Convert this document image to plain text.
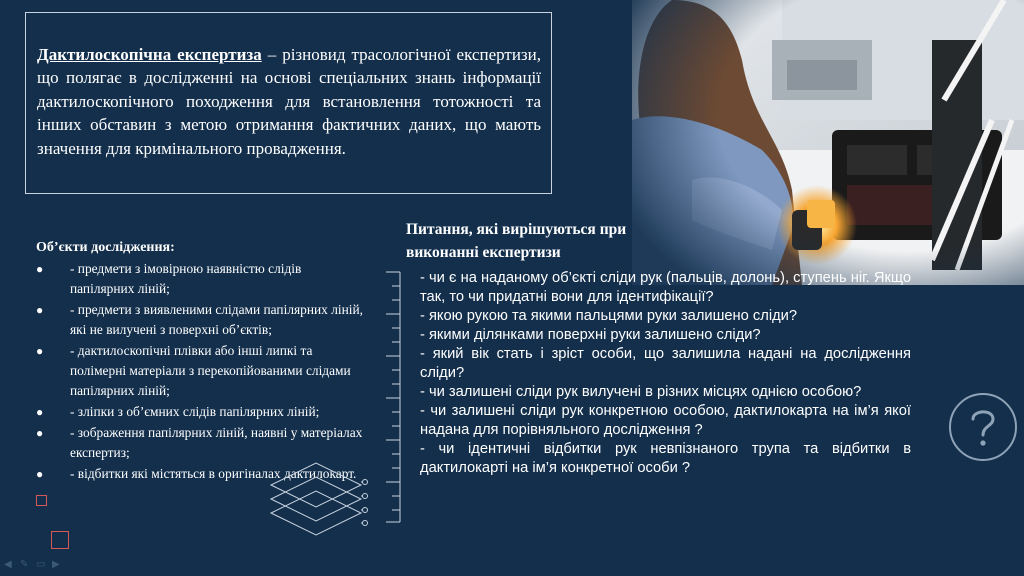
Дактилоскопічна експертиза – різновид трасологічної експертизи, що полягає в дослідженні на основі спеціальних знань інформації дактилоскопічного походження для встановлення тотожності та інших обставин з метою отримання фактичних даних, що мають значення для кримінального провадження.

Об’єкти дослідження:

● - предмети з імовірною наявністю слідів папілярних ліній;
● - предмети з виявленими слідами папілярних ліній, які не вилучені з поверхні об’єктів;
● - дактилоскопічні плівки або інші липкі та полімерні матеріали з перекопійованими слідами папілярних ліній;
● - зліпки з об’ємних слідів папілярних ліній;
● - зображення папілярних ліній, наявні у матеріалах експертиз;
● - відбитки які містяться в оригіналах дактилокарт.

Питання, які вирішуються при виконанні експертизи

- чи є на наданому об’єкті сліди рук (пальців, долонь), ступень ніг. Якщо так, то чи придатні вони для ідентифікації?
- якою рукою та якими пальцями руки залишено сліди?
- якими ділянками поверхні руки залишено сліди?
- який вік стать і зріст особи, що залишила надані на дослідження сліди?
- чи залишені сліди рук вилучені в різних місцях однією особою?
- чи залишені сліди рук конкретною особою, дактилокарта на ім’я якої надана для порівняльного дослідження ?
- чи ідентичні відбитки рук невпізнаного трупа та відбитки в дактилокарті на ім’я конкретної особи ?
◀ ✎ ▭ ▶
